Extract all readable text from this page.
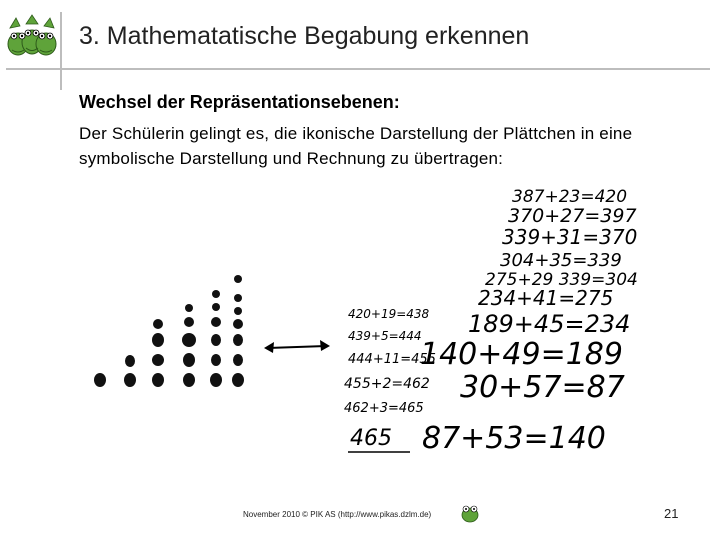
3. Mathematatische Begabung erkennen
Wechsel der Repräsentationsebenen:
Der Schülerin gelingt es, die ikonische Darstellung der Plättchen in eine symbolische Darstellung und Rechnung zu übertragen:
387+23=420
370+27=397
339+31=370
304+35=339
275+29 339=304
234+41=275
189+45=234
140+49=189
30+57=87
87+53=140
420+19=438
439+5=444
444+11=455
455+2=462
462+3=465
465
November 2010 © PIK AS (http://www.pikas.dzlm.de)	21
